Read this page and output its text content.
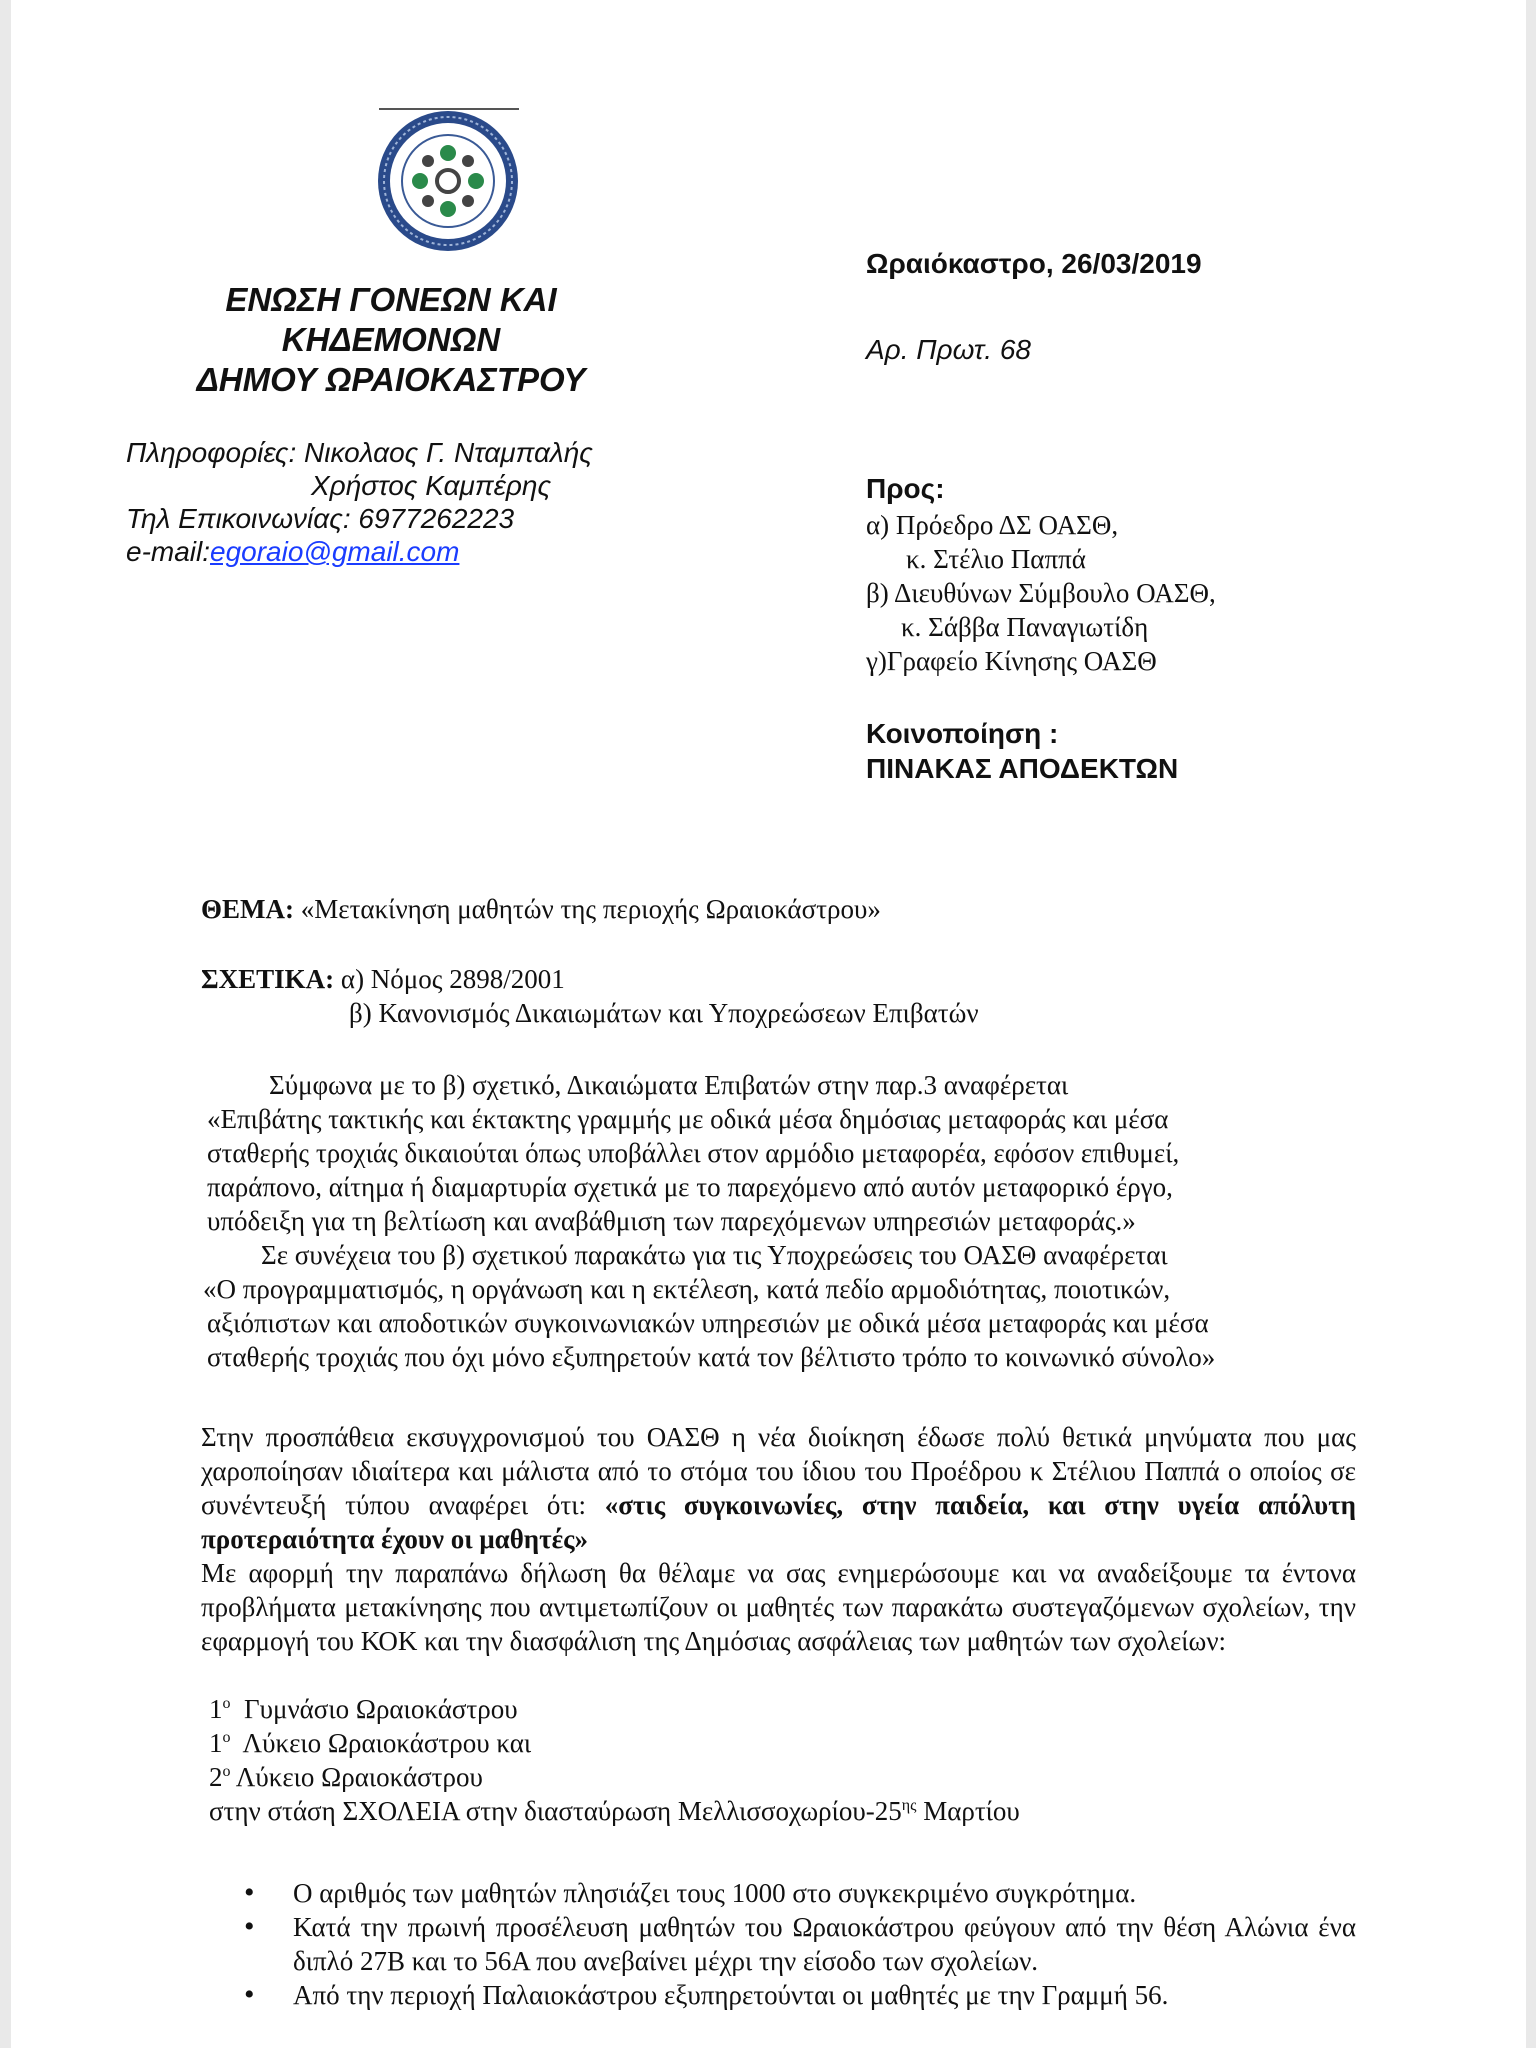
ΕΝΩΣΗ ΓΟΝΕΩΝ ΚΑΙ ΚΗΔΕΜΟΝΩΝ
ΔΗΜΟΥ ΩΡΑΙΟΚΑΣΤΡΟΥ
Πληροφορίες: Νικολαος Γ. Νταμπαλής
Χρήστος Καμπέρης
Τηλ Επικοινωνίας: 6977262223
e-mail:egoraio@gmail.com
Ωραιόκαστρο, 26/03/2019
Αρ. Πρωτ. 68
Προς:
α) Πρόεδρο ΔΣ ΟΑΣΘ,
κ. Στέλιο Παππά
β) Διευθύνων Σύμβουλο ΟΑΣΘ,
κ. Σάββα Παναγιωτίδη
γ)Γραφείο Κίνησης ΟΑΣΘ
Κοινοποίηση :
ΠΙΝΑΚΑΣ ΑΠΟΔΕΚΤΩΝ
ΘΕΜΑ: «Μετακίνηση μαθητών της περιοχής Ωραιοκάστρου»
ΣΧΕΤΙΚΑ: α) Νόμος 2898/2001
β) Κανονισμός Δικαιωμάτων και Υποχρεώσεων Επιβατών
Σύμφωνα με το β) σχετικό, Δικαιώματα Επιβατών στην παρ.3 αναφέρεται
«Επιβάτης τακτικής και έκτακτης γραμμής με οδικά μέσα δημόσιας μεταφοράς και μέσα
σταθερής τροχιάς δικαιούται όπως υποβάλλει στον αρμόδιο μεταφορέα, εφόσον επιθυμεί,
παράπονο, αίτημα ή διαμαρτυρία σχετικά με το παρεχόμενο από αυτόν μεταφορικό έργο,
υπόδειξη για τη βελτίωση και αναβάθμιση των παρεχόμενων υπηρεσιών μεταφοράς.»
Σε συνέχεια του β) σχετικού παρακάτω για τις Υποχρεώσεις του ΟΑΣΘ αναφέρεται
«Ο προγραμματισμός, η οργάνωση και η εκτέλεση, κατά πεδίο αρμοδιότητας, ποιοτικών,
αξιόπιστων και αποδοτικών συγκοινωνιακών υπηρεσιών με οδικά μέσα μεταφοράς και μέσα
σταθερής τροχιάς που όχι μόνο εξυπηρετούν κατά τον βέλτιστο τρόπο το κοινωνικό σύνολο»
Στην προσπάθεια εκσυγχρονισμού του ΟΑΣΘ η νέα διοίκηση έδωσε πολύ θετικά μηνύματα που μας χαροποίησαν ιδιαίτερα και μάλιστα από το στόμα του ίδιου του Προέδρου κ Στέλιου Παππά ο οποίος σε συνέντευξή τύπου αναφέρει ότι: «στις συγκοινωνίες, στην παιδεία, και στην υγεία απόλυτη προτεραιότητα έχουν οι μαθητές»
Με αφορμή την παραπάνω δήλωση θα θέλαμε να σας ενημερώσουμε και να αναδείξουμε τα έντονα προβλήματα μετακίνησης που αντιμετωπίζουν οι μαθητές των παρακάτω συστεγαζόμενων σχολείων, την εφαρμογή του ΚΟΚ και την διασφάλιση της Δημόσιας ασφάλειας των μαθητών των σχολείων:
$1^o$ Γυμνάσιο Ωραιοκάστρου
$1^o$ Λύκειο Ωραιοκάστρου και
$2^o$ Λύκειο Ωραιοκάστρου
στην στάση ΣΧΟΛΕΙΑ στην διασταύρωση Μελλισσοχωρίου-$25^{\eta\varsigma}$ Μαρτίου
• Ο αριθμός των μαθητών πλησιάζει τους 1000 στο συγκεκριμένο συγκρότημα.
• Κατά την πρωινή προσέλευση μαθητών του Ωραιοκάστρου φεύγουν από την θέση Αλώνια ένα διπλό 27Β και το 56Α που ανεβαίνει μέχρι την είσοδο των σχολείων.
• Από την περιοχή Παλαιοκάστρου εξυπηρετούνται οι μαθητές με την Γραμμή 56.
